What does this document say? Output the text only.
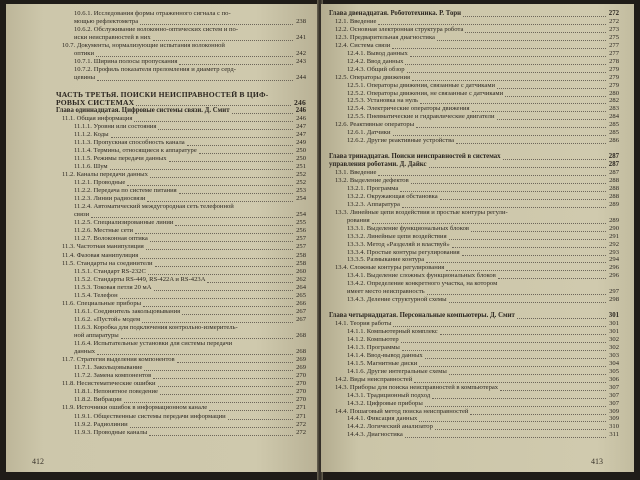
10.6.1. Исследования формы отраженного сигнала с по-
мощью рефлектометра	238
10.6.2. Обслуживание волоконно-оптических систем и по-
иски неисправностей в них	241
10.7. Документы, нормализующие испытания волоконной
оптики	242
10.7.1. Ширина полосы пропускания	243
10.7.2. Профиль показателя преломления и диаметр серд-
цевины	244
ЧАСТЬ ТРЕТЬЯ. ПОИСКИ НЕИСПРАВНОСТЕЙ В ЦИФ-
РОВЫХ СИСТЕМАХ	246
Глава одиннадцатая. Цифровые системы связи. Д. Смит	246
11.1. Общая информация	246
11.1.1. Уровни или состояния	247
11.1.2. Коды	247
11.1.3. Пропускная способность канала	249
11.1.4. Термины, относящиеся к аппаратуре	250
11.1.5. Режимы передачи данных	250
11.1.6. Шум	251
11.2. Каналы передачи данных	252
11.2.1. Проводные	252
11.2.2. Передача по системе питания	253
11.2.3. Линии радиосвязи	254
11.2.4. Автоматический междугородная сеть телефонной
связи	254
11.2.5. Специализированные линии	255
11.2.6. Местные сети	256
11.2.7. Волоконная оптика	257
11.3. Частотная манипуляция	257
11.4. Фазовая манипуляция	258
11.5. Стандарты на соединители	258
11.5.1. Стандарт RS-232C	260
11.5.2. Стандарты RS-449, RS-422A и RS-423A	262
11.5.3. Токовая петля 20 мА	264
11.5.4. Телефон	265
11.6. Специальные приборы	266
11.6.1. Соединитель закольцовывания	267
11.6.2. «Пустой» модем	267
11.6.3. Коробка для подключения контрольно-измеритель-
ной аппаратуры	268
11.6.4. Испытательные установки для системы передачи
данных	268
11.7. Стратегия выделения компонентов	269
11.7.1. Закольцовывание	269
11.7.2. Замена компонентов	270
11.8. Несистематические ошибки	270
11.8.1. Непонятное поведение	270
11.8.2. Вибрации	270
11.9. Источники ошибок в информационном канале	271
11.9.1. Общественные системы передачи информации	271
11.9.2. Радиолинии	272
11.9.3. Проводные каналы	272
412
Глава двенадцатая. Робототехника. Р. Торн	272
12.1. Введение	272
12.2. Основная электронная структура робота	273
12.3. Предварительная диагностика	275
12.4. Система связи	277
12.4.1. Вывод данных	277
12.4.2. Ввод данных	278
12.4.3. Общий обзор	279
12.5. Операторы движения	279
12.5.1. Операторы движения, связанные с датчиками	279
12.5.2. Операторы движения, не связанные с датчиками	280
12.5.3. Установка на нуль	282
12.5.4. Электрические операторы движения	283
12.5.5. Пневматические и гидравлические двигатели	284
12.6. Реактивные операторы	285
12.6.1. Датчики	285
12.6.2. Другие реактивные устройства	286
Глава тринадцатая. Поиски неисправностей в системах	287
управления роботами. Д. Дайкс	287
13.1. Введение	287
13.2. Выделение дефектов	288
13.2.1. Программа	288
13.2.2. Окружающая обстановка	288
13.2.3. Аппаратура	289
13.3. Линейные цепи воздействия и простые контуры регули-
рования	289
13.3.1. Выделение функциональных блоков	290
13.3.2. Линейные цепи воздействия	291
13.3.3. Метод «Разделяй и властвуй»	292
13.3.4. Простые контуры регулирования	293
13.3.5. Размыкание контура	294
13.4. Сложные контуры регулирования	296
13.4.1. Выделение сложных функциональных блоков	296
13.4.2. Определение конкретного участка, на котором
имеет место неисправность	297
13.4.3. Деление структурной схемы	298
Глава четырнадцатая. Персональные компьютеры. Д. Смит	301
14.1. Теория работы	301
14.1.1. Компьютерный комплекс	301
14.1.2. Компьютер	302
14.1.3. Программы	302
14.1.4. Ввод-вывод данных	303
14.1.5. Магнитные диски	304
14.1.6. Другие интегральные схемы	305
14.2. Виды неисправностей	306
14.3. Приборы для поиска неисправностей в компьютерах	307
14.3.1. Традиционный подход	307
14.3.2. Цифровые приборы	307
14.4. Пошаговый метод поиска неисправностей	309
14.4.1. Фиксация данных	309
14.4.2. Логический анализатор	310
14.4.3. Диагностика	311
413
